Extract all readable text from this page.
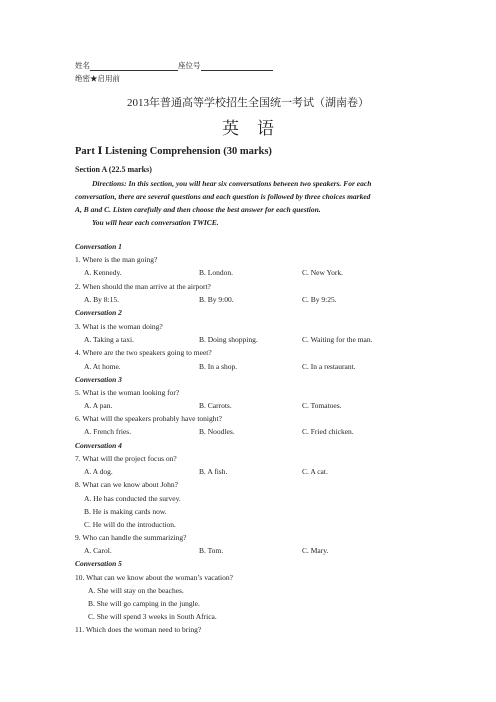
姓名	座位号
绝密★启用前
2013年普通高等学校招生全国统一考试（湖南卷）
英语
Part Ⅰ Listening Comprehension (30 marks)
Section A (22.5 marks)
Directions: In this section, you will hear six conversations between two speakers. For each
conversation, there are several questions and each question is followed by three choices marked
A, B and C. Listen carefully and then choose the best answer for each question.
You will hear each conversation TWICE.
Conversation 1
1. Where is the man going?
A. Kennedy.	B. London.	C. New York.
2. When should the man arrive at the airport?
A. By 8:15.	B. By 9:00.	C. By 9:25.
Conversation 2
3. What is the woman doing?
A. Taking a taxi.	B. Doing shopping.	C. Waiting for the man.
4. Where are the two speakers going to meet?
A. At home.	B. In a shop.	C. In a restaurant.
Conversation 3
5. What is the woman looking for?
A. A pan.	B. Carrots.	C. Tomatoes.
6. What will the speakers probably have tonight?
A. French fries.	B. Noodles.	C. Fried chicken.
Conversation 4
7. What will the project focus on?
A. A dog.	B. A fish.	C. A cat.
8. What can we know about John?
A. He has conducted the survey.
B. He is making cards now.
C. He will do the introduction.
9. Who can handle the summarizing?
A. Carol.	B. Tom.	C. Mary.
Conversation 5
10. What can we know about the woman’s vacation?
A. She will stay on the beaches.
B. She will go camping in the jungle.
C. She will spend 3 weeks in South Africa.
11. Which does the woman need to bring?
